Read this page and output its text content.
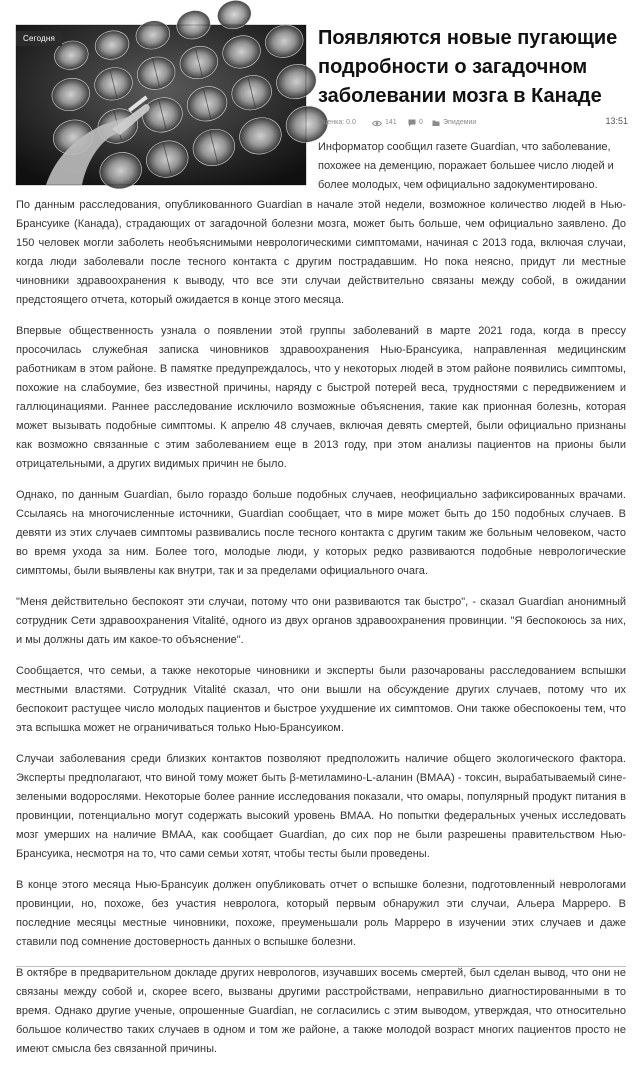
Сегодня	Появляются новые пугающие подробности о загадочном заболевании мозга в Канаде
Оценка: 0.0	141	0	Эпидемии	13:51

Информатор сообщил газете Guardian, что заболевание, похожее на деменцию, поражает большее число людей и более молодых, чем официально задокументировано.

По данным расследования, опубликованного Guardian в начале этой недели, возможное количество людей в Нью-Брансуике (Канада), страдающих от загадочной болезни мозга, может быть больше, чем официально заявлено. До 150 человек могли заболеть необъяснимыми неврологическими симптомами, начиная с 2013 года, включая случаи, когда люди заболевали после тесного контакта с другим пострадавшим. Но пока неясно, придут ли местные чиновники здравоохранения к выводу, что все эти случаи действительно связаны между собой, в ожидании предстоящего отчета, который ожидается в конце этого месяца.

Впервые общественность узнала о появлении этой группы заболеваний в марте 2021 года, когда в прессу просочилась служебная записка чиновников здравоохранения Нью-Брансуика, направленная медицинским работникам в этом районе. В памятке предупреждалось, что у некоторых людей в этом районе появились симптомы, похожие на слабоумие, без известной причины, наряду с быстрой потерей веса, трудностями с передвижением и галлюцинациями. Раннее расследование исключило возможные объяснения, такие как прионная болезнь, которая может вызывать подобные симптомы. К апрелю 48 случаев, включая девять смертей, были официально признаны как возможно связанные с этим заболеванием еще в 2013 году, при этом анализы пациентов на прионы были отрицательными, а других видимых причин не было.

Однако, по данным Guardian, было гораздо больше подобных случаев, неофициально зафиксированных врачами. Ссылаясь на многочисленные источники, Guardian сообщает, что в мире может быть до 150 подобных случаев. В девяти из этих случаев симптомы развивались после тесного контакта с другим таким же больным человеком, часто во время ухода за ним. Более того, молодые люди, у которых редко развиваются подобные неврологические симптомы, были выявлены как внутри, так и за пределами официального очага.

"Меня действительно беспокоят эти случаи, потому что они развиваются так быстро", - сказал Guardian анонимный сотрудник Сети здравоохранения Vitalité, одного из двух органов здравоохранения провинции. "Я беспокоюсь за них, и мы должны дать им какое-то объяснение".

Сообщается, что семьи, а также некоторые чиновники и эксперты были разочарованы расследованием вспышки местными властями. Сотрудник Vitalité сказал, что они вышли на обсуждение других случаев, потому что их беспокоит растущее число молодых пациентов и быстрое ухудшение их симптомов. Они также обеспокоены тем, что эта вспышка может не ограничиваться только Нью-Брансуиком.

Случаи заболевания среди близких контактов позволяют предположить наличие общего экологического фактора. Эксперты предполагают, что виной тому может быть β-метиламино-L-аланин (BMAA) - токсин, вырабатываемый сине-зелеными водорослями. Некоторые более ранние исследования показали, что омары, популярный продукт питания в провинции, потенциально могут содержать высокий уровень BMAA. Но попытки федеральных ученых исследовать мозг умерших на наличие BMAA, как сообщает Guardian, до сих пор не были разрешены правительством Нью-Брансуика, несмотря на то, что сами семьи хотят, чтобы тесты были проведены.

В конце этого месяца Нью-Брансуик должен опубликовать отчет о вспышке болезни, подготовленный неврологами провинции, но, похоже, без участия невролога, который первым обнаружил эти случаи, Альера Марреро. В последние месяцы местные чиновники, похоже, преуменьшали роль Марреро в изучении этих случаев и даже ставили под сомнение достоверность данных о вспышке болезни.

В октябре в предварительном докладе других неврологов, изучавших восемь смертей, был сделан вывод, что они не связаны между собой и, скорее всего, вызваны другими расстройствами, неправильно диагностированными в то время. Однако другие ученые, опрошенные Guardian, не согласились с этим выводом, утверждая, что относительно большое количество таких случаев в одном и том же районе, а также молодой возраст многих пациентов просто не имеют смысла без связанной причины.
